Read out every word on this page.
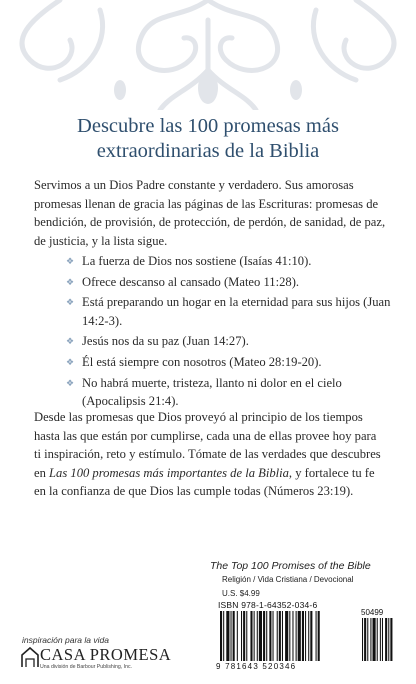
Descubre las 100 promesas más extraordinarias de la Biblia

Servimos a un Dios Padre constante y verdadero. Sus amorosas promesas llenan de gracia las páginas de las Escrituras: promesas de bendición, de provisión, de protección, de perdón, de sanidad, de paz, de justicia, y la lista sigue.

❖ La fuerza de Dios nos sostiene (Isaías 41:10).
❖ Ofrece descanso al cansado (Mateo 11:28).
❖ Está preparando un hogar en la eternidad para sus hijos (Juan 14:2-3).
❖ Jesús nos da su paz (Juan 14:27).
❖ Él está siempre con nosotros (Mateo 28:19-20).
❖ No habrá muerte, tristeza, llanto ni dolor en el cielo (Apocalipsis 21:4).

Desde las promesas que Dios proveyó al principio de los tiempos hasta las que están por cumplirse, cada una de ellas provee hoy para ti inspiración, reto y estímulo. Tómate de las verdades que descubres en Las 100 promesas más importantes de la Biblia, y fortalece tu fe en la confianza de que Dios las cumple todas (Números 23:19).

The Top 100 Promises of the Bible

Religión / Vida Cristiana / Devocional

U.S. $4.99

ISBN 978-1-64352-034-6
50499
9 781643 520346

inspiración para la vida

CASA PROMESA
Una división de Barbour Publishing, Inc.
